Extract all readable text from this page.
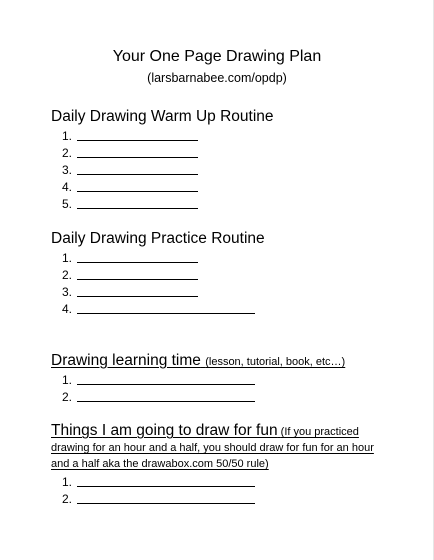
Your One Page Drawing Plan
(larsbarnabee.com/opdp)
Daily Drawing Warm Up Routine
1.
2.
3.
4.
5.
Daily Drawing Practice Routine
1.
2.
3.
4.
Drawing learning time (lesson, tutorial, book, etc…)
1.
2.
Things I am going to draw for fun (If you practiced drawing for an hour and a half, you should draw for fun for an hour and a half aka the drawabox.com 50/50 rule)
1.
2.
